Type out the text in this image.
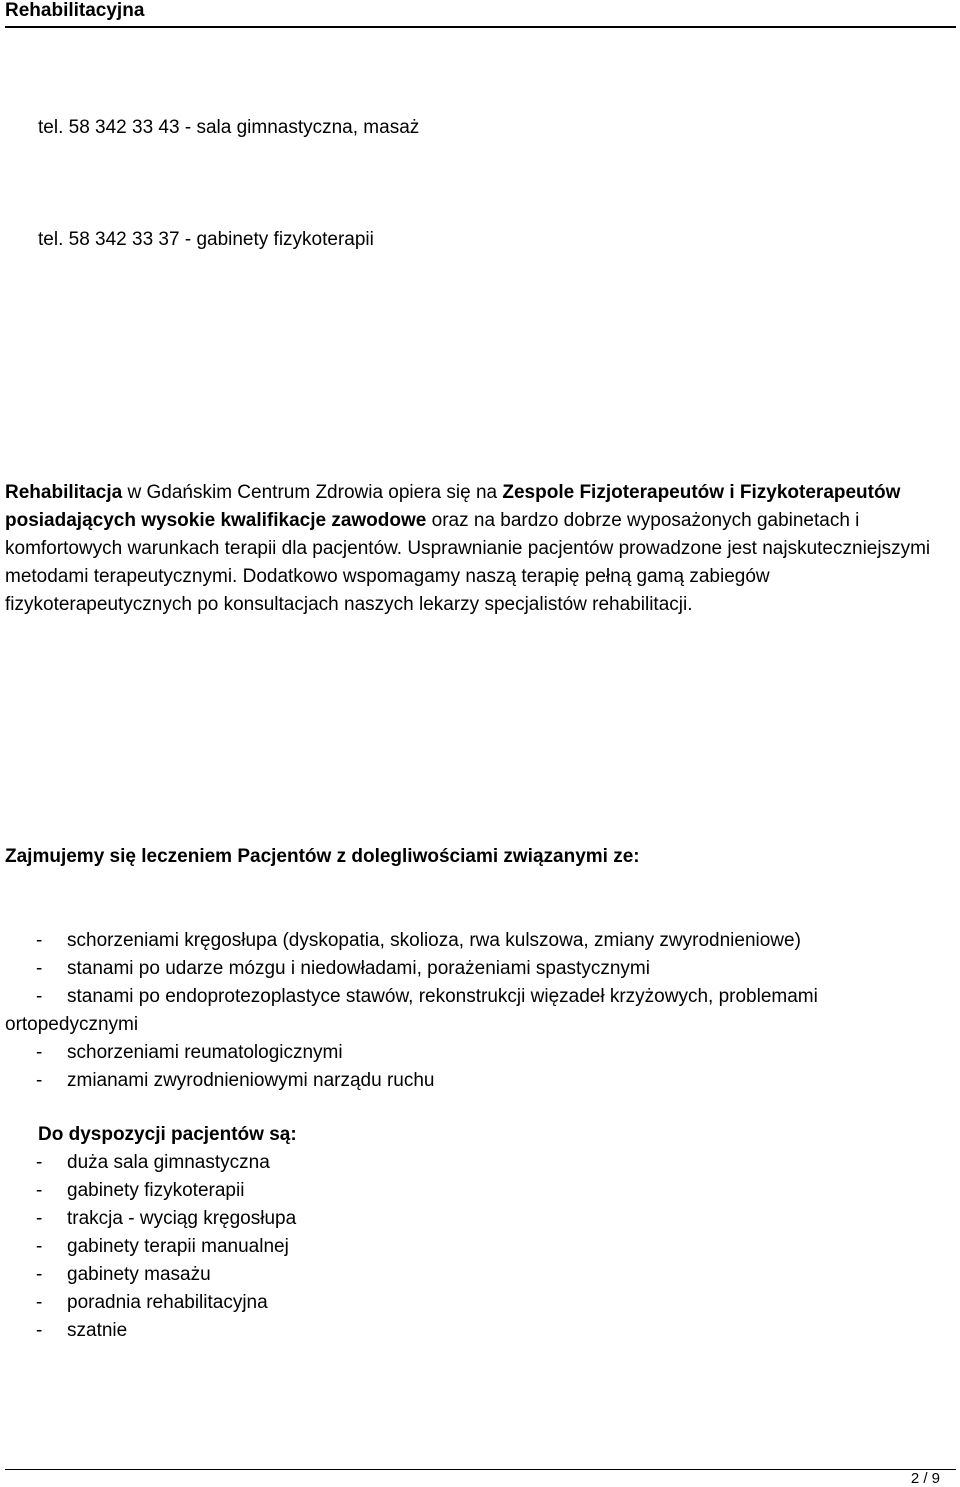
Rehabilitacyjna
tel. 58 342 33 43 - sala gimnastyczna, masaż
tel. 58 342 33 37 - gabinety fizykoterapii
Rehabilitacja w Gdańskim Centrum Zdrowia opiera się na Zespole Fizjoterapeutów i Fizykoterapeutów posiadających wysokie kwalifikacje zawodowe oraz na bardzo dobrze wyposażonych gabinetach i komfortowych warunkach terapii dla pacjentów. Usprawnianie pacjentów prowadzone jest najskuteczniejszymi metodami terapeutycznymi. Dodatkowo wspomagamy naszą terapię pełną gamą zabiegów fizykoterapeutycznych po konsultacjach naszych lekarzy specjalistów rehabilitacji.
Zajmujemy się leczeniem Pacjentów z dolegliwościami związanymi ze:
- schorzeniami kręgosłupa (dyskopatia, skolioza, rwa kulszowa, zmiany zwyrodnieniowe)
- stanami po udarze mózgu i niedowładami, porażeniami spastycznymi
- stanami po endoprotezoplastyce stawów, rekonstrukcji więzadeł krzyżowych, problemami ortopedycznymi
- schorzeniami reumatologicznymi
- zmianami zwyrodnieniowymi narządu ruchu
Do dyspozycji pacjentów są:
- duża sala gimnastyczna
- gabinety fizykoterapii
- trakcja - wyciąg kręgosłupa
- gabinety terapii manualnej
- gabinety masażu
- poradnia rehabilitacyjna
- szatnie
2 / 9
